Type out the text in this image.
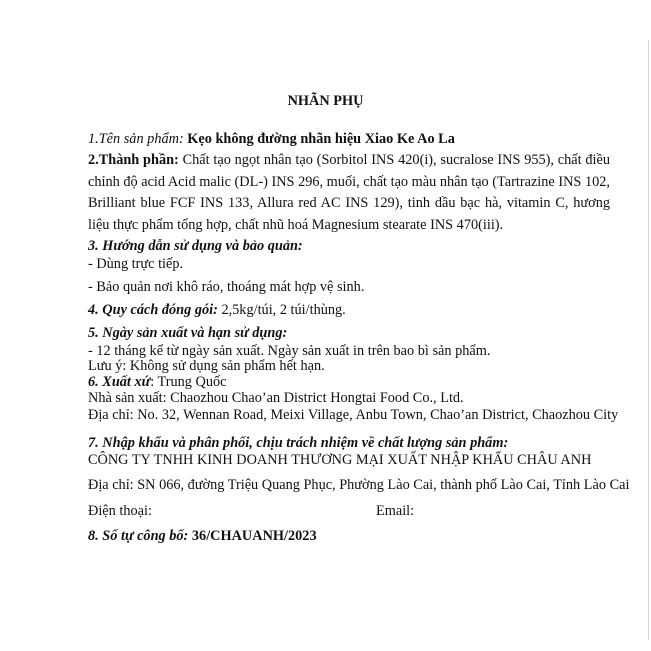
NHÃN PHỤ
1.Tên sản phẩm: Kẹo không đường nhãn hiệu Xiao Ke Ao La
2.Thành phần: Chất tạo ngọt nhân tạo (Sorbitol INS 420(i), sucralose INS 955), chất điều chỉnh độ acid Acid malic (DL-) INS 296, muối, chất tạo màu nhân tạo (Tartrazine INS 102, Brilliant blue FCF INS 133, Allura red AC INS 129), tinh dầu bạc hà, vitamin C, hương liệu thực phẩm tổng hợp, chất nhũ hoá Magnesium stearate INS 470(iii).
3. Hướng dẫn sử dụng và bảo quản:
- Dùng trực tiếp.
- Bảo quản nơi khô ráo, thoáng mát hợp vệ sinh.
4. Quy cách đóng gói: 2,5kg/túi, 2 túi/thùng.
5. Ngày sản xuất và hạn sử dụng:
- 12 tháng kể từ ngày sản xuất. Ngày sản xuất in trên bao bì sản phẩm.
Lưu ý: Không sử dụng sản phẩm hết hạn.
6. Xuất xứ: Trung Quốc
Nhà sản xuất: Chaozhou Chao’an District Hongtai Food Co., Ltd.
Địa chỉ: No. 32, Wennan Road, Meixi Village, Anbu Town, Chao’an District, Chaozhou City
7. Nhập khẩu và phân phối, chịu trách nhiệm về chất lượng sản phẩm:
CÔNG TY TNHH KINH DOANH THƯƠNG MẠI XUẤT NHẬP KHẨU CHÂU ANH
Địa chỉ: SN 066, đường Triệu Quang Phục, Phường Lào Cai, thành phố Lào Cai, Tỉnh Lào Cai
Điện thoại:	Email:
8. Số tự công bố: 36/CHAUANH/2023
